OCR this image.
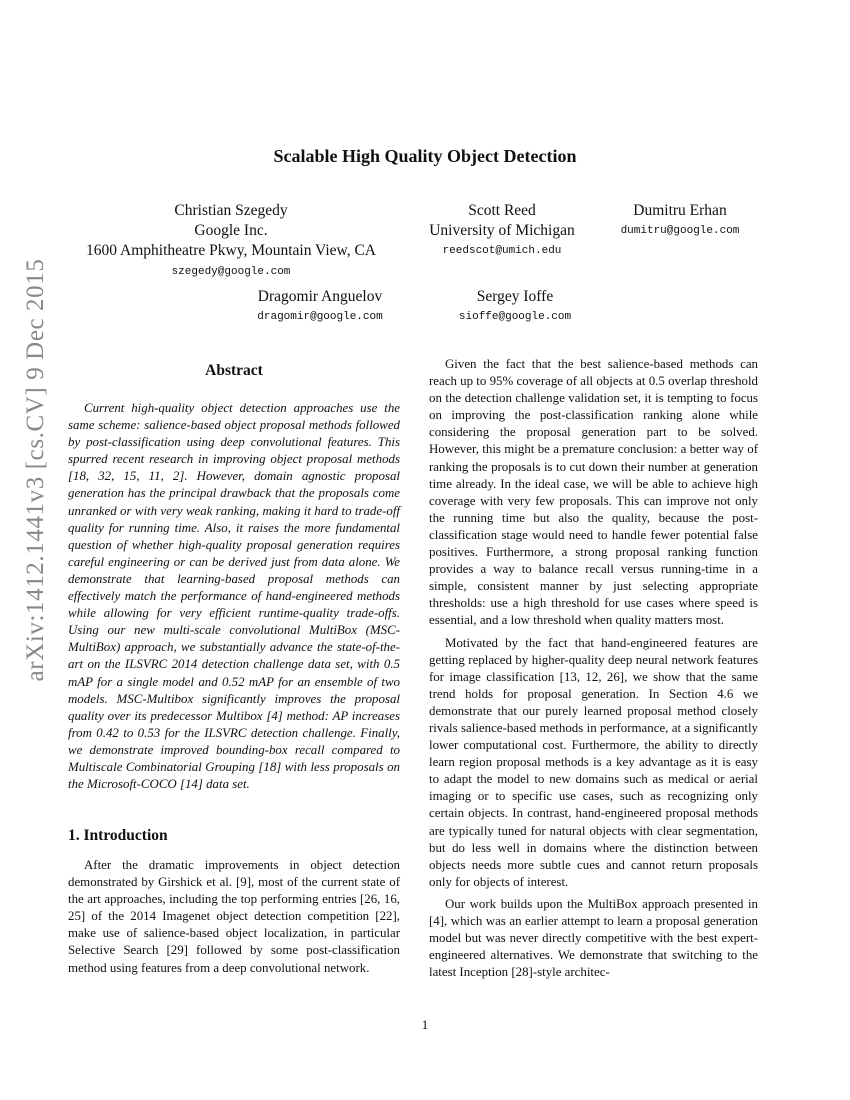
Scalable High Quality Object Detection
Christian Szegedy
Google Inc.
1600 Amphitheatre Pkwy, Mountain View, CA
szegedy@google.com
Scott Reed
University of Michigan
reedscot@umich.edu
Dumitru Erhan
dumitru@google.com
Dragomir Anguelov
dragomir@google.com
Sergey Ioffe
sioffe@google.com
arXiv:1412.1441v3 [cs.CV] 9 Dec 2015	Abstract

Current high-quality object detection approaches use the same scheme: salience-based object proposal methods followed by post-classification using deep convolutional features. This spurred recent research in improving object proposal methods [18, 32, 15, 11, 2]. However, domain agnostic proposal generation has the principal drawback that the proposals come unranked or with very weak ranking, making it hard to trade-off quality for running time. Also, it raises the more fundamental question of whether high-quality proposal generation requires careful engineering or can be derived just from data alone. We demonstrate that learning-based proposal methods can effectively match the performance of hand-engineered methods while allowing for very efficient runtime-quality trade-offs. Using our new multi-scale convolutional MultiBox (MSC-MultiBox) approach, we substantially advance the state-of-the-art on the ILSVRC 2014 detection challenge data set, with 0.5 mAP for a single model and 0.52 mAP for an ensemble of two models. MSC-Multibox significantly improves the proposal quality over its predecessor Multibox [4] method: AP increases from 0.42 to 0.53 for the ILSVRC detection challenge. Finally, we demonstrate improved bounding-box recall compared to Multiscale Combinatorial Grouping [18] with less proposals on the Microsoft-COCO [14] data set.

1. Introduction

After the dramatic improvements in object detection demonstrated by Girshick et al. [9], most of the current state of the art approaches, including the top performing entries [26, 16, 25] of the 2014 Imagenet object detection competition [22], make use of salience-based object localization, in particular Selective Search [29] followed by some post-classification method using features from a deep convolutional network.

Given the fact that the best salience-based methods can reach up to 95% coverage of all objects at 0.5 overlap threshold on the detection challenge validation set, it is tempting to focus on improving the post-classification ranking alone while considering the proposal generation part to be solved. However, this might be a premature conclusion: a better way of ranking the proposals is to cut down their number at generation time already. In the ideal case, we will be able to achieve high coverage with very few proposals. This can improve not only the running time but also the quality, because the post-classification stage would need to handle fewer potential false positives. Furthermore, a strong proposal ranking function provides a way to balance recall versus running-time in a simple, consistent manner by just selecting appropriate thresholds: use a high threshold for use cases where speed is essential, and a low threshold when quality matters most.

Motivated by the fact that hand-engineered features are getting replaced by higher-quality deep neural network features for image classification [13, 12, 26], we show that the same trend holds for proposal generation. In Section 4.6 we demonstrate that our purely learned proposal method closely rivals salience-based methods in performance, at a significantly lower computational cost. Furthermore, the ability to directly learn region proposal methods is a key advantage as it is easy to adapt the model to new domains such as medical or aerial imaging or to specific use cases, such as recognizing only certain objects. In contrast, hand-engineered proposal methods are typically tuned for natural objects with clear segmentation, but do less well in domains where the distinction between objects needs more subtle cues and cannot return proposals only for objects of interest.

Our work builds upon the MultiBox approach presented in [4], which was an earlier attempt to learn a proposal generation model but was never directly competitive with the best expert-engineered alternatives. We demonstrate that switching to the latest Inception [28]-style architec-

1
